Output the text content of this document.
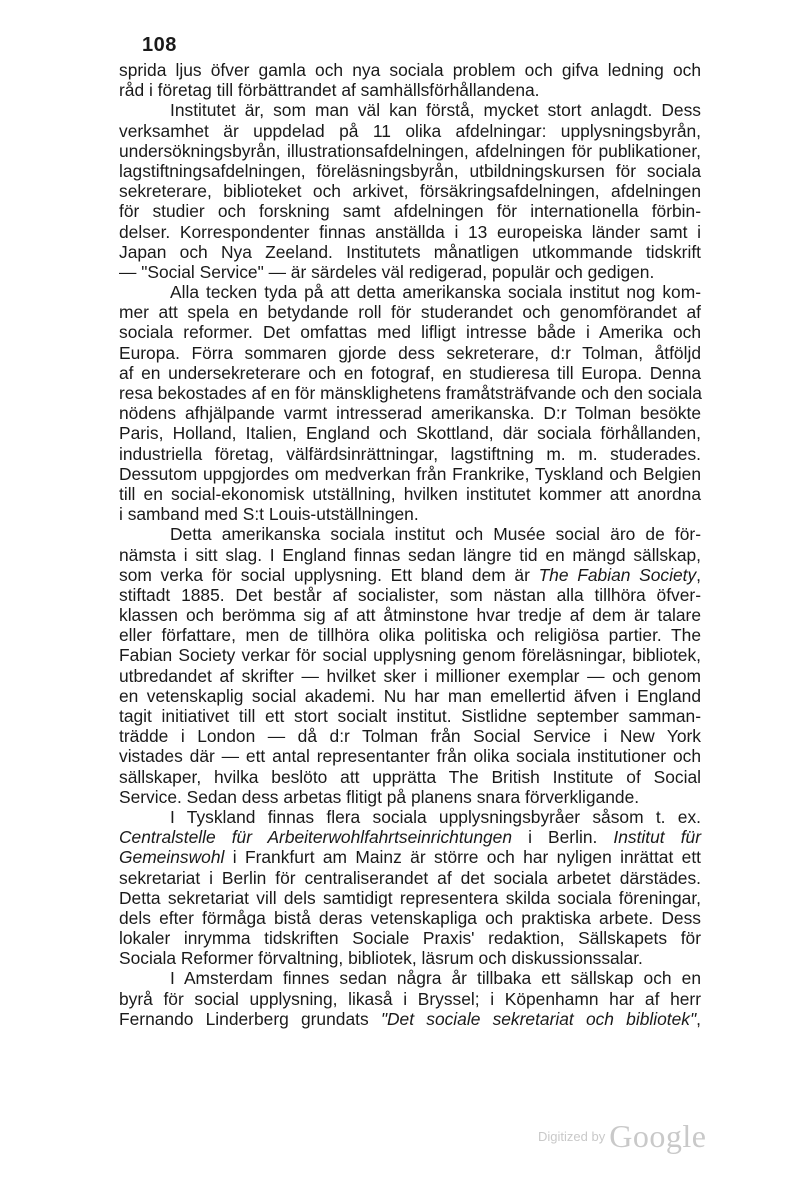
108
sprida ljus öfver gamla och nya sociala problem och gifva ledning och
råd i företag till förbättrandet af samhällsförhållandena.
Institutet är, som man väl kan förstå, mycket stort anlagdt. Dess
verksamhet är uppdelad på 11 olika afdelningar: upplysningsbyrån,
undersökningsbyrån, illustrationsafdelningen, afdelningen för publikationer,
lagstiftningsafdelningen, föreläsningsbyrån, utbildningskursen för sociala
sekreterare, biblioteket och arkivet, försäkringsafdelningen, afdelningen
för studier och forskning samt afdelningen för internationella förbin-
delser. Korrespondenter finnas anställda i 13 europeiska länder samt i
Japan och Nya Zeeland. Institutets månatligen utkommande tidskrift
— "Social Service" — är särdeles väl redigerad, populär och gedigen.
Alla tecken tyda på att detta amerikanska sociala institut nog kom-
mer att spela en betydande roll för studerandet och genomförandet af
sociala reformer. Det omfattas med lifligt intresse både i Amerika och
Europa. Förra sommaren gjorde dess sekreterare, d:r Tolman, åtföljd
af en undersekreterare och en fotograf, en studieresa till Europa. Denna
resa bekostades af en för mänsklighetens framåtsträfvande och den sociala
nödens afhjälpande varmt intresserad amerikanska. D:r Tolman besökte
Paris, Holland, Italien, England och Skottland, där sociala förhållanden,
industriella företag, välfärdsinrättningar, lagstiftning m. m. studerades.
Dessutom uppgjordes om medverkan från Frankrike, Tyskland och Belgien
till en social-ekonomisk utställning, hvilken institutet kommer att anordna
i samband med S:t Louis-utställningen.
Detta amerikanska sociala institut och Musée social äro de för-
nämsta i sitt slag. I England finnas sedan längre tid en mängd sällskap,
som verka för social upplysning. Ett bland dem är The Fabian Society,
stiftadt 1885. Det består af socialister, som nästan alla tillhöra öfver-
klassen och berömma sig af att åtminstone hvar tredje af dem är talare
eller författare, men de tillhöra olika politiska och religiösa partier. The
Fabian Society verkar för social upplysning genom föreläsningar, bibliotek,
utbredandet af skrifter — hvilket sker i millioner exemplar — och genom
en vetenskaplig social akademi. Nu har man emellertid äfven i England
tagit initiativet till ett stort socialt institut. Sistlidne september samman-
trädde i London — då d:r Tolman från Social Service i New York
vistades där — ett antal representanter från olika sociala institutioner och
sällskaper, hvilka beslöto att upprätta The British Institute of Social
Service. Sedan dess arbetas flitigt på planens snara förverkligande.
I Tyskland finnas flera sociala upplysningsbyråer såsom t. ex.
Centralstelle für Arbeiterwohlfahrtseinrichtungen i Berlin. Institut für
Gemeinswohl i Frankfurt am Mainz är större och har nyligen inrättat ett
sekretariat i Berlin för centraliserandet af det sociala arbetet därstädes.
Detta sekretariat vill dels samtidigt representera skilda sociala föreningar,
dels efter förmåga bistå deras vetenskapliga och praktiska arbete. Dess
lokaler inrymma tidskriften Sociale Praxis' redaktion, Sällskapets för
Sociala Reformer förvaltning, bibliotek, läsrum och diskussionssalar.
I Amsterdam finnes sedan några år tillbaka ett sällskap och en
byrå för social upplysning, likaså i Bryssel; i Köpenhamn har af herr
Fernando Linderberg grundats "Det sociale sekretariat och bibliotek",
Digitized by Google
